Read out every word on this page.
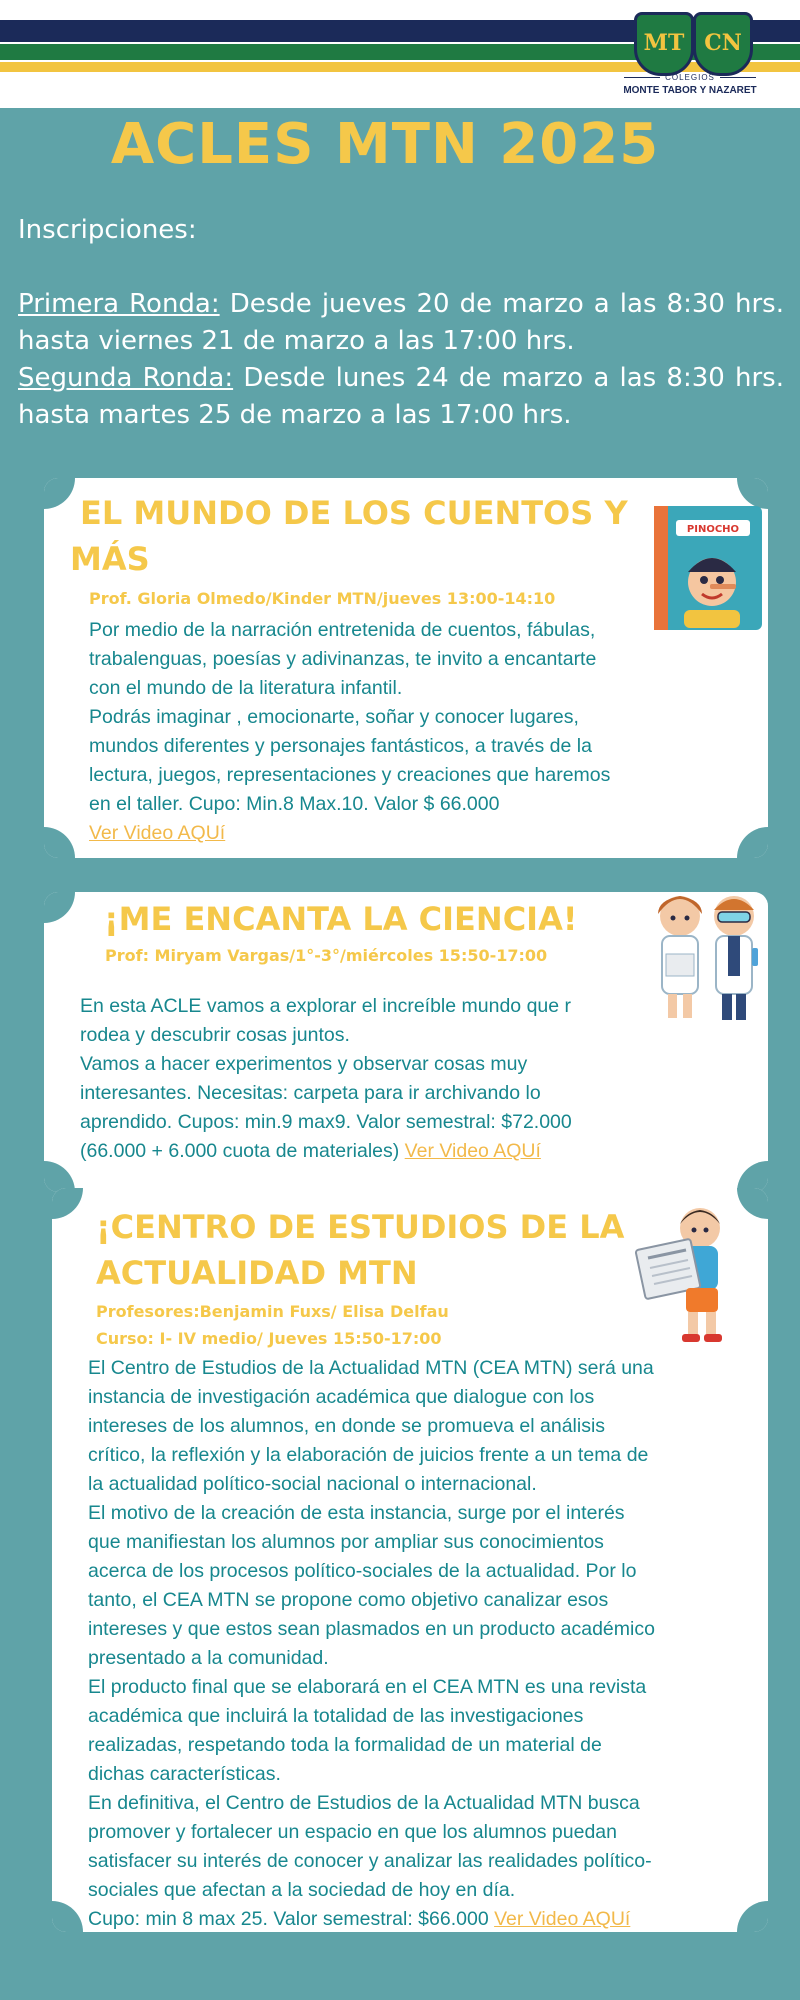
MT CN
COLEGIOS
MONTE TABOR Y NAZARET
ACLES MTN 2025

Inscripciones:

Primera Ronda: Desde jueves 20 de marzo a las 8:30 hrs. hasta viernes 21 de marzo a las 17:00 hrs.

Segunda Ronda: Desde lunes 24 de marzo a las 8:30 hrs. hasta martes 25 de marzo a las 17:00 hrs.

EL MUNDO DE LOS CUENTOS Y
MÁS
Prof. Gloria Olmedo/Kinder MTN/jueves 13:00-14:10

Por medio de la narración entretenida de cuentos, fábulas,

trabalenguas, poesías y adivinanzas, te invito a encantarte

con el mundo de la literatura infantil.

Podrás imaginar , emocionarte, soñar y conocer lugares,

mundos diferentes y personajes fantásticos, a través de la

lectura, juegos, representaciones y creaciones que haremos

en el taller. Cupo: Min.8 Max.10. Valor $ 66.000

Ver Video AQUí

PINOCHO
¡ME ENCANTA LA CIENCIA!
Prof: Miryam Vargas/1°-3°/miércoles 15:50-17:00

En esta ACLE vamos a explorar el increíble mundo que r

rodea y descubrir cosas juntos.

Vamos a hacer experimentos y observar cosas muy

interesantes. Necesitas: carpeta para ir archivando lo

aprendido. Cupos: min.9 max9. Valor semestral: $72.000

(66.000 + 6.000 cuota de materiales) Ver Video AQUí

¡CENTRO DE ESTUDIOS DE LA
ACTUALIDAD MTN
Profesores:Benjamin Fuxs/ Elisa Delfau
Curso: I- IV medio/ Jueves 15:50-17:00

El Centro de Estudios de la Actualidad MTN (CEA MTN) será una

instancia de investigación académica que dialogue con los

intereses de los alumnos, en donde se promueva el análisis

crítico, la reflexión y la elaboración de juicios frente a un tema de

la actualidad político-social nacional o internacional.

El motivo de la creación de esta instancia, surge por el interés

que manifiestan los alumnos por ampliar sus conocimientos

acerca de los procesos político-sociales de la actualidad. Por lo

tanto, el CEA MTN se propone como objetivo canalizar esos

intereses y que estos sean plasmados en un producto académico

presentado a la comunidad.

El producto final que se elaborará en el CEA MTN es una revista

académica que incluirá la totalidad de las investigaciones

realizadas, respetando toda la formalidad de un material de

dichas características.

En definitiva, el Centro de Estudios de la Actualidad MTN busca

promover y fortalecer un espacio en que los alumnos puedan

satisfacer su interés de conocer y analizar las realidades político-

sociales que afectan a la sociedad de hoy en día.

Cupo: min 8 max 25. Valor semestral: $66.000 Ver Video AQUí
